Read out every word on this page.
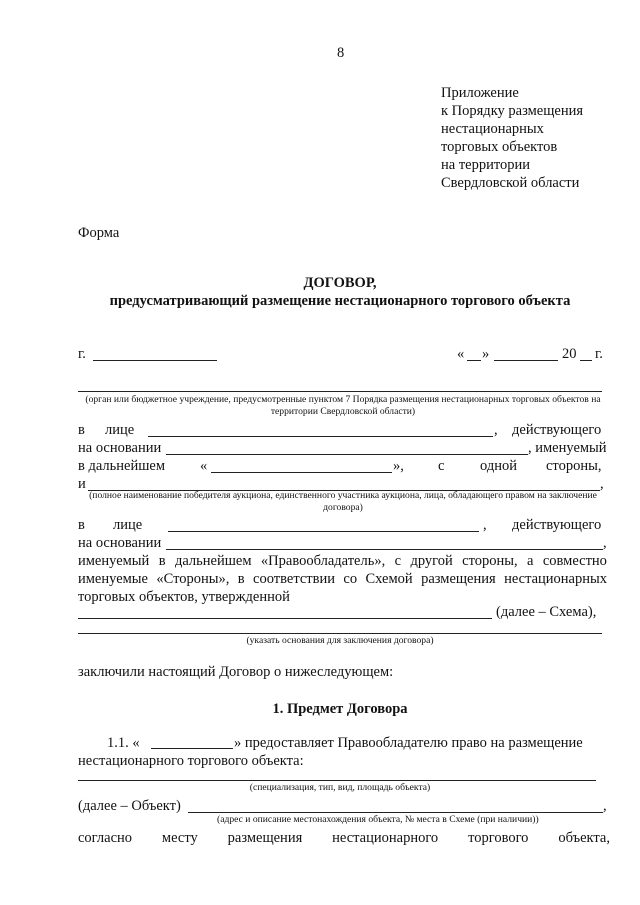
8
Приложение
к Порядку размещения
нестационарных
торговых объектов
на территории
Свердловской области
Форма
ДОГОВОР,
предусматривающий размещение нестационарного торгового объекта
г.	« »	20 г.
(орган или бюджетное учреждение, предусмотренные пунктом 7 Порядка размещения нестационарных торговых объектов на территории Свердловской области)
в лице	, действующего
на основании	, именуемый
в дальнейшем «	», с одной стороны,
и	,
(полное наименование победителя аукциона, единственного участника аукциона, лица, обладающего правом на заключение договора)
в лице	, действующего
на основании	,
именуемый в дальнейшем «Правообладатель», с другой стороны, а совместно
именуемые «Стороны», в соответствии со Схемой размещения нестационарных
торговых объектов, утвержденной
(далее – Схема),
(указать основания для заключения договора)
заключили настоящий Договор о нижеследующем:
1. Предмет Договора
1.1. «	» предоставляет Правообладателю право на размещение
нестационарного торгового объекта:
(специализация, тип, вид, площадь объекта)
(далее – Объект)	,
(адрес и описание местонахождения объекта, № места в Схеме (при наличии))
согласно месту размещения нестационарного торгового объекта,
